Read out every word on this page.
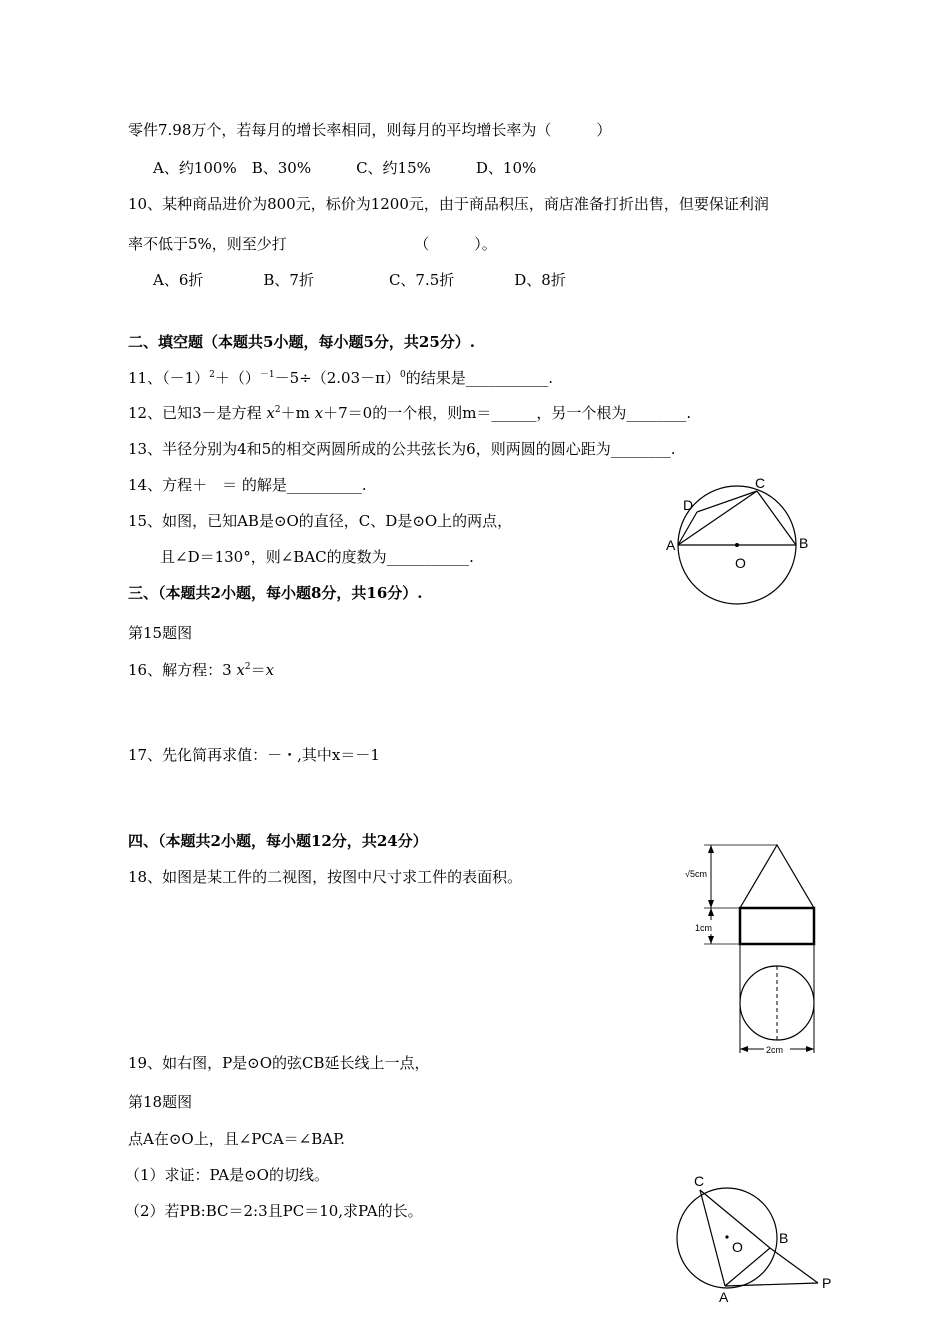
零件7.98万个，若每月的增长率相同，则每月的平均增长率为（　　　）
A、约100%　B、30%　　　C、约15%　　　D、10%
10、某种商品进价为800元，标价为1200元，由于商品积压，商店准备打折出售，但要保证利润
率不低于5%，则至少打　　　　　　　　　（　　　）。
A、6折　　　　B、7折　　　　　C、7.5折　　　　D、8折
二、填空题（本题共5小题，每小题5分，共25分）.
11、$(-1)^2+()^{-1}-5\div(2.03-\pi)^0$的结果是___________.
12、已知3－是方程 $x^2+m$ x＋7＝0的一个根，则m＝______，另一个根为________.
13、半径分别为4和5的相交两圆所成的公共弦长为6，则两圆的圆心距为________.
14、方程＋　＝ 的解是__________.
15、如图，已知AB是⊙O的直径，C、D是⊙O上的两点，
且∠D＝130°，则∠BAC的度数为___________.
三、（本题共2小题，每小题8分，共16分）.
第15题图
16、解方程：3 $x^2=x$
17、先化简再求值：－・,其中x＝－1
四、（本题共2小题，每小题12分，共24分）
18、如图是某工件的二视图，按图中尺寸求工件的表面积。
19、如右图，P是⊙O的弦CB延长线上一点，
第18题图
点A在⊙O上，且∠PCA＝∠BAP.
（1）求证：PA是⊙O的切线。
（2）若PB:BC＝2:3且PC＝10,求PA的长。
A	B
C
D
O
√5cm
1cm
2cm
C
B
O
A
P
